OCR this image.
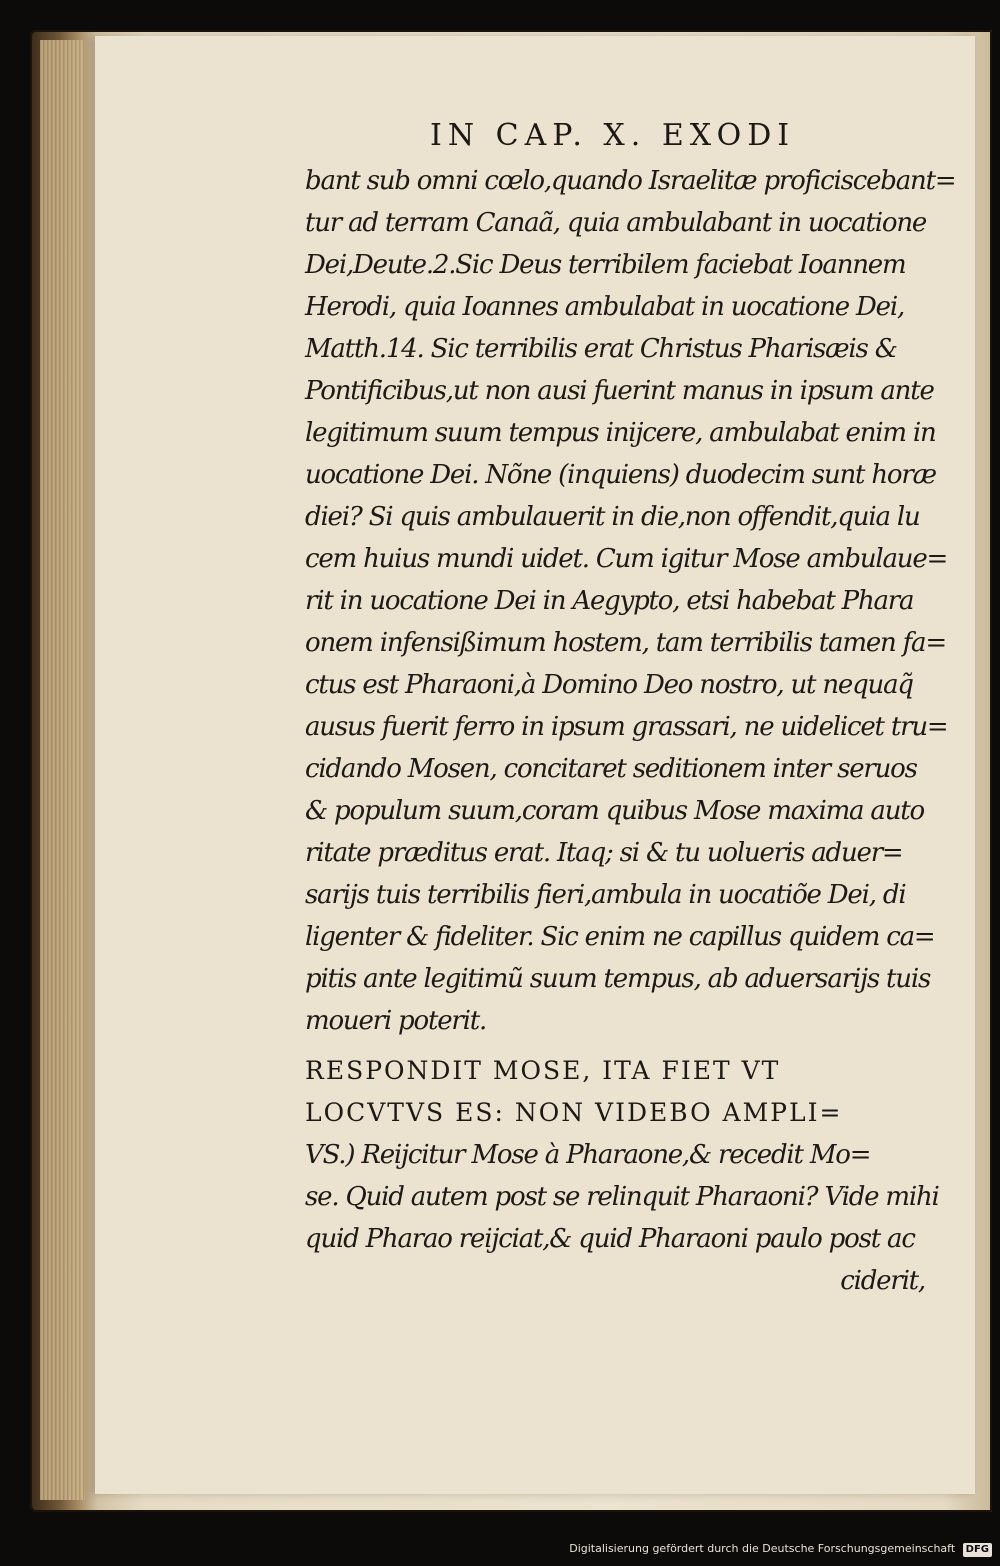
IN CAP. X. EXODI
bant sub omni cœlo,quando Israelitæ proficiscebant=
tur ad terram Canaã, quia ambulabant in uocatione
Dei,Deute.2.Sic Deus terribilem faciebat Ioannem
Herodi, quia Ioannes ambulabat in uocatione Dei,
Matth.14. Sic terribilis erat Christus Pharisæis &
Pontificibus,ut non ausi fuerint manus in ipsum ante
legitimum suum tempus inijcere, ambulabat enim in
uocatione Dei. Nõne (inquiens) duodecim sunt horæ
diei? Si quis ambulauerit in die,non offendit,quia lu
cem huius mundi uidet. Cum igitur Mose ambulaue=
rit in uocatione Dei in Aegypto, etsi habebat Phara
onem infensißimum hostem, tam terribilis tamen fa=
ctus est Pharaoni,à Domino Deo nostro, ut nequaq̃
ausus fuerit ferro in ipsum grassari, ne uidelicet tru=
cidando Mosen, concitaret seditionem inter seruos
& populum suum,coram quibus Mose maxima auto
ritate præditus erat. Itaq; si & tu uolueris aduer=
sarijs tuis terribilis fieri,ambula in uocatiõe Dei, di
ligenter & fideliter. Sic enim ne capillus quidem ca=
pitis ante legitimũ suum tempus, ab aduersarijs tuis
moueri poterit.
RESPONDIT MOSE, ITA FIET VT
LOCVTVS ES: NON VIDEBO AMPLI=
VS.) Reijcitur Mose à Pharaone,& recedit Mo=
se. Quid autem post se relinquit Pharaoni? Vide mihi
quid Pharao reijciat,& quid Pharaoni paulo post ac
ciderit,
Digitalisierung gefördert durch die Deutsche Forschungsgemeinschaft DFG
